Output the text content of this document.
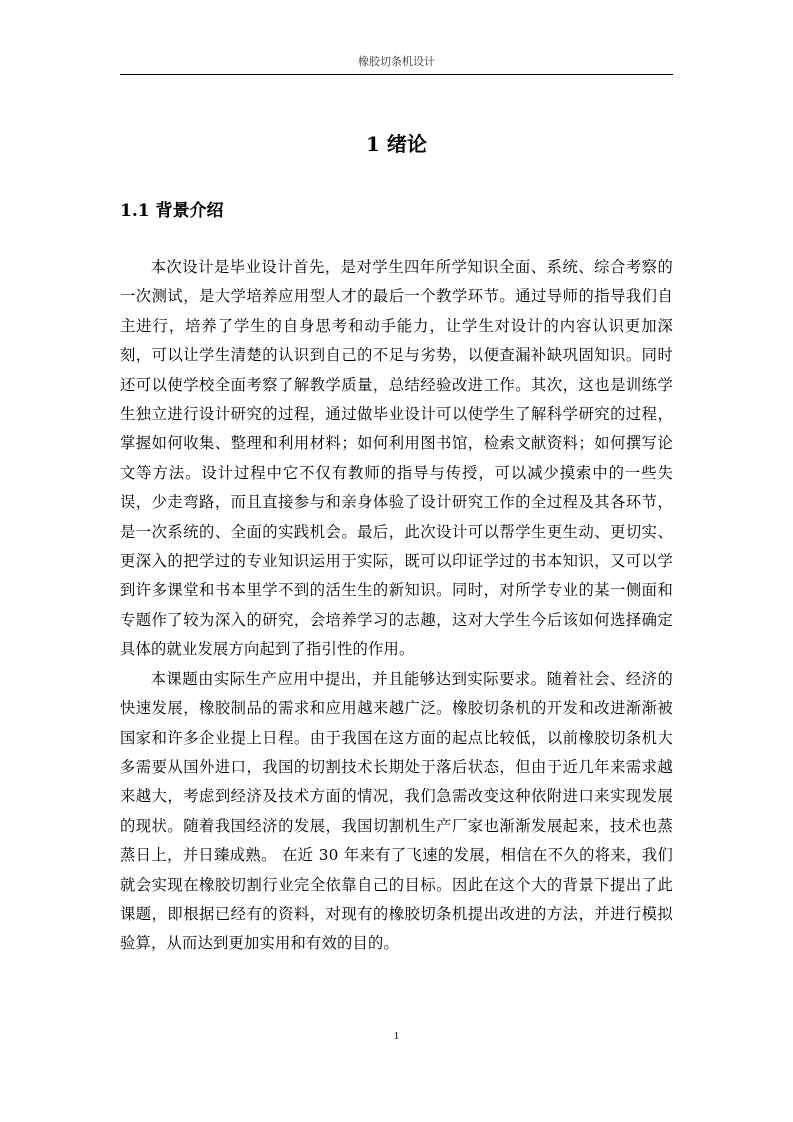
橡胶切条机设计
1 绪论
1.1 背景介绍

本次设计是毕业设计首先，是对学生四年所学知识全面、系统、综合考察的一次测试，是大学培养应用型人才的最后一个教学环节。通过导师的指导我们自主进行，培养了学生的自身思考和动手能力，让学生对设计的内容认识更加深刻，可以让学生清楚的认识到自己的不足与劣势，以便查漏补缺巩固知识。同时还可以使学校全面考察了解教学质量，总结经验改进工作。其次，这也是训练学生独立进行设计研究的过程，通过做毕业设计可以使学生了解科学研究的过程，掌握如何收集、整理和利用材料；如何利用图书馆，检索文献资料；如何撰写论文等方法。设计过程中它不仅有教师的指导与传授，可以减少摸索中的一些失误，少走弯路，而且直接参与和亲身体验了设计研究工作的全过程及其各环节，是一次系统的、全面的实践机会。最后，此次设计可以帮学生更生动、更切实、更深入的把学过的专业知识运用于实际，既可以印证学过的书本知识，又可以学到许多课堂和书本里学不到的活生生的新知识。同时，对所学专业的某一侧面和专题作了较为深入的研究，会培养学习的志趣，这对大学生今后该如何选择确定具体的就业发展方向起到了指引性的作用。

本课题由实际生产应用中提出，并且能够达到实际要求。随着社会、经济的快速发展，橡胶制品的需求和应用越来越广泛。橡胶切条机的开发和改进渐渐被国家和许多企业提上日程。由于我国在这方面的起点比较低，以前橡胶切条机大多需要从国外进口，我国的切割技术长期处于落后状态，但由于近几年来需求越来越大，考虑到经济及技术方面的情况，我们急需改变这种依附进口来实现发展的现状。随着我国经济的发展，我国切割机生产厂家也渐渐发展起来，技术也蒸蒸日上，并日臻成熟。 在近 30 年来有了飞速的发展，相信在不久的将来，我们就会实现在橡胶切割行业完全依靠自己的目标。因此在这个大的背景下提出了此课题，即根据已经有的资料，对现有的橡胶切条机提出改进的方法，并进行模拟验算，从而达到更加实用和有效的目的。

1
